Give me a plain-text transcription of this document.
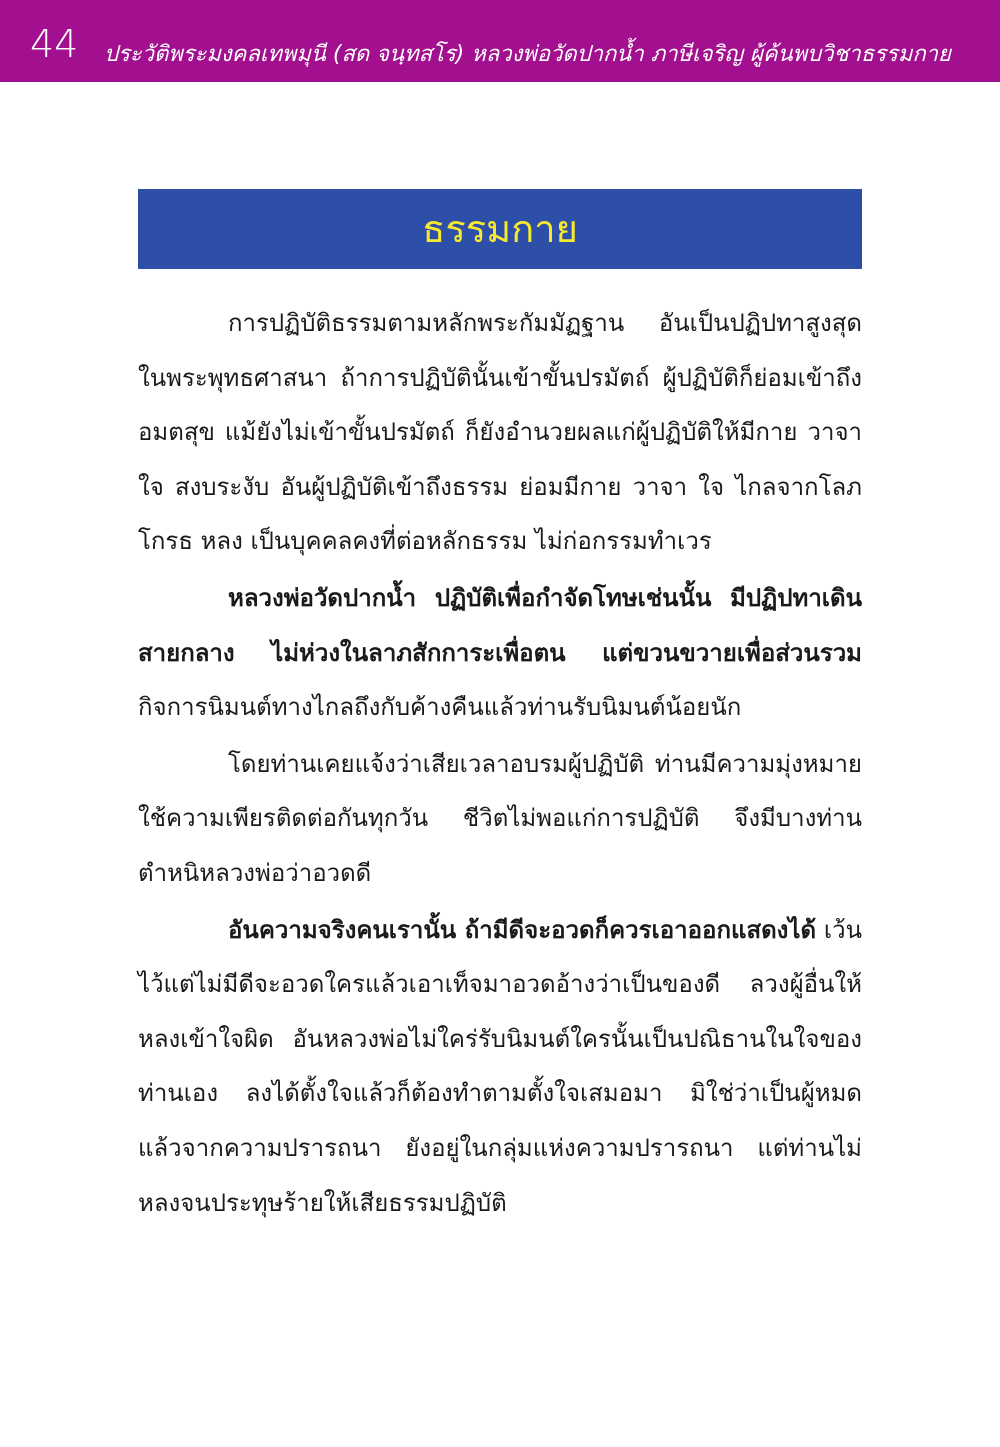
44 ประวัติพระมงคลเทพมุนี (สด จนฺทสโร) หลวงพ่อวัดปากน้ำ ภาษีเจริญ ผู้ค้นพบวิชาธรรมกาย
ธรรมกาย

การปฏิบัติธรรมตามหลักพระกัมมัฏฐาน อันเป็นปฏิปทาสูงสุดในพระพุทธศาสนา ถ้าการปฏิบัตินั้นเข้าขั้นปรมัตถ์ ผู้ปฏิบัติก็ย่อมเข้าถึงอมตสุข แม้ยังไม่เข้าขั้นปรมัตถ์ ก็ยังอำนวยผลแก่ผู้ปฏิบัติให้มีกาย วาจา ใจ สงบระงับ อันผู้ปฏิบัติเข้าถึงธรรม ย่อมมีกาย วาจา ใจ ไกลจากโลภ โกรธ หลง เป็นบุคคลคงที่ต่อหลักธรรม ไม่ก่อกรรมทำเวร

หลวงพ่อวัดปากน้ำ ปฏิบัติเพื่อกำจัดโทษเช่นนั้น มีปฏิปทาเดินสายกลาง ไม่ห่วงในลาภสักการะเพื่อตน แต่ขวนขวายเพื่อส่วนรวม กิจการนิมนต์ทางไกลถึงกับค้างคืนแล้วท่านรับนิมนต์น้อยนัก

โดยท่านเคยแจ้งว่าเสียเวลาอบรมผู้ปฏิบัติ ท่านมีความมุ่งหมายใช้ความเพียรติดต่อกันทุกวัน ชีวิตไม่พอแก่การปฏิบัติ จึงมีบางท่านตำหนิหลวงพ่อว่าอวดดี

อันความจริงคนเรานั้น ถ้ามีดีจะอวดก็ควรเอาออกแสดงได้ เว้นไว้แต่ไม่มีดีจะอวดใครแล้วเอาเท็จมาอวดอ้างว่าเป็นของดี ลวงผู้อื่นให้หลงเข้าใจผิด อันหลวงพ่อไม่ใคร่รับนิมนต์ใครนั้นเป็นปณิธานในใจของท่านเอง ลงได้ตั้งใจแล้วก็ต้องทำตามตั้งใจเสมอมา มิใช่ว่าเป็นผู้หมดแล้วจากความปรารถนา ยังอยู่ในกลุ่มแห่งความปรารถนา แต่ท่านไม่หลงจนประทุษร้ายให้เสียธรรมปฏิบัติ
